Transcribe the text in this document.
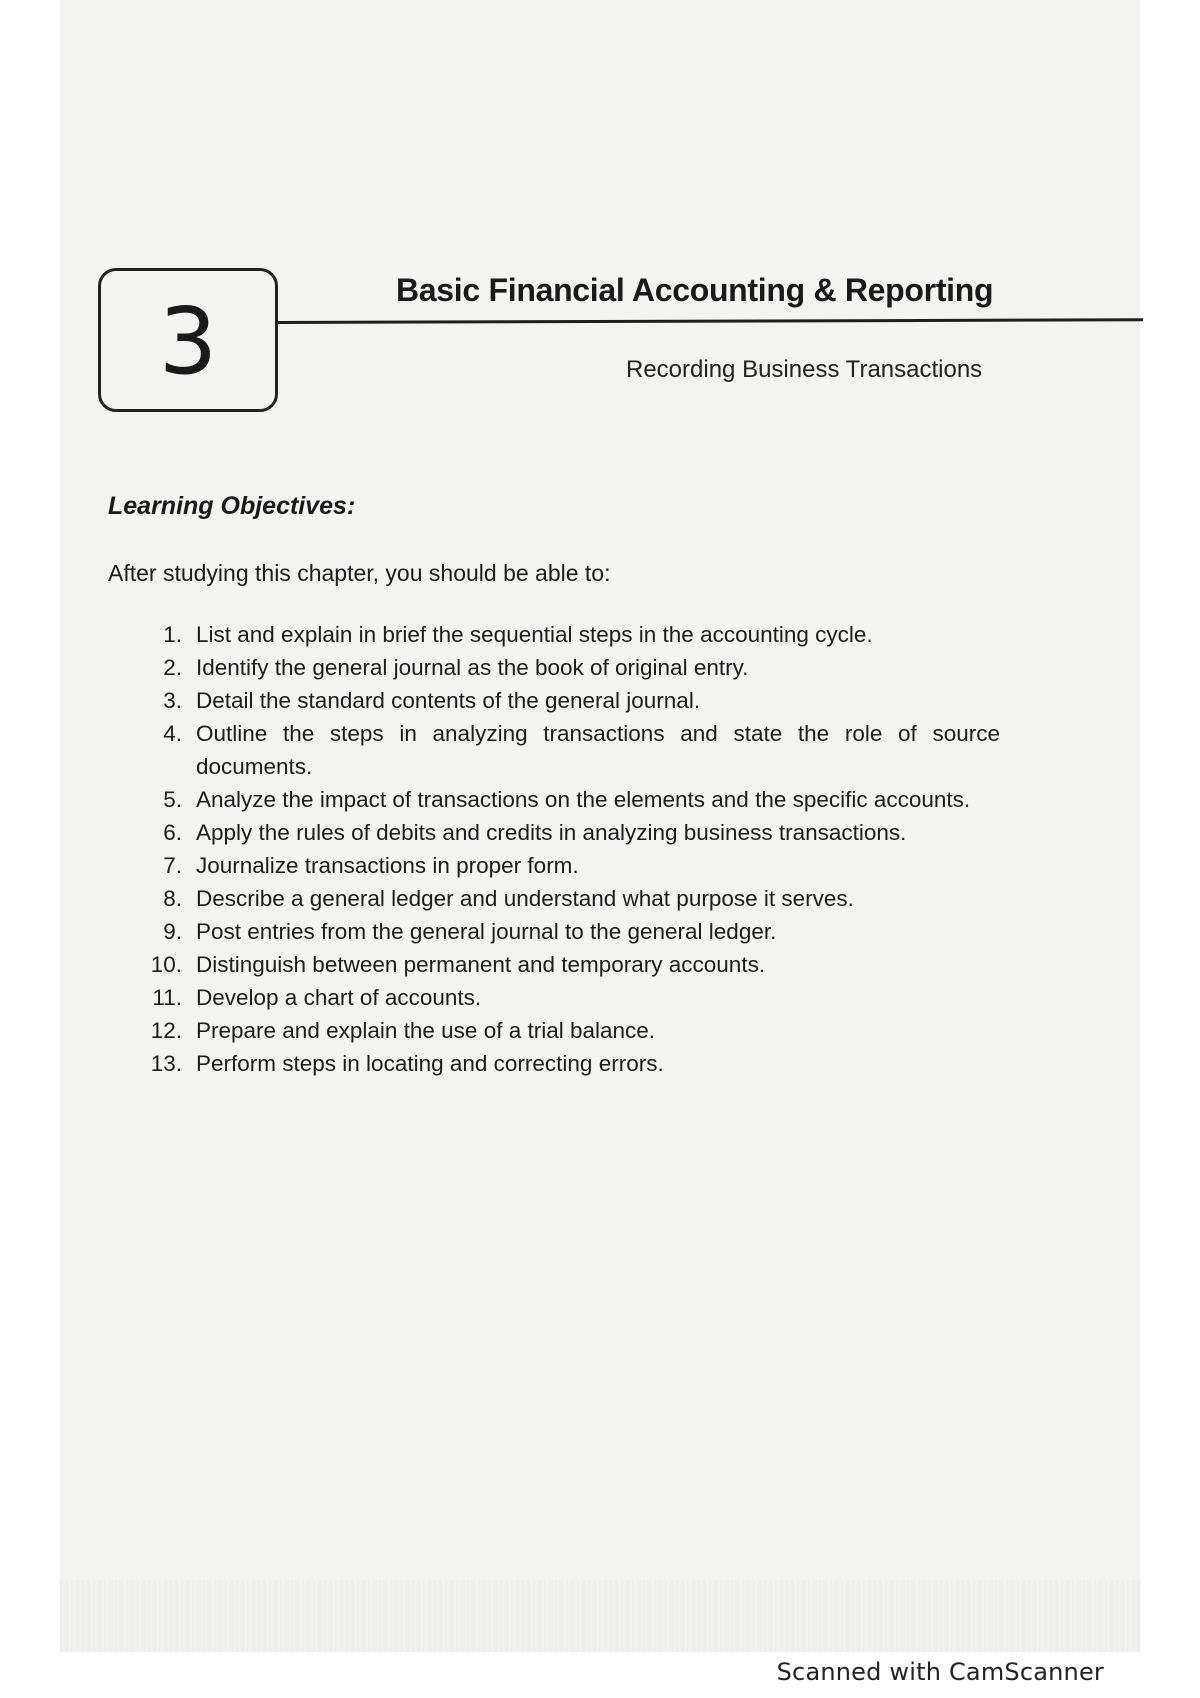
3	Basic Financial Accounting & Reporting
Recording Business Transactions
Learning Objectives:
After studying this chapter, you should be able to:
1. List and explain in brief the sequential steps in the accounting cycle.
2. Identify the general journal as the book of original entry.
3. Detail the standard contents of the general journal.
4. Outline the steps in analyzing transactions and state the role of source documents.
5. Analyze the impact of transactions on the elements and the specific accounts.
6. Apply the rules of debits and credits in analyzing business transactions.
7. Journalize transactions in proper form.
8. Describe a general ledger and understand what purpose it serves.
9. Post entries from the general journal to the general ledger.
10. Distinguish between permanent and temporary accounts.
11. Develop a chart of accounts.
12. Prepare and explain the use of a trial balance.
13. Perform steps in locating and correcting errors.
Scanned with CamScanner
